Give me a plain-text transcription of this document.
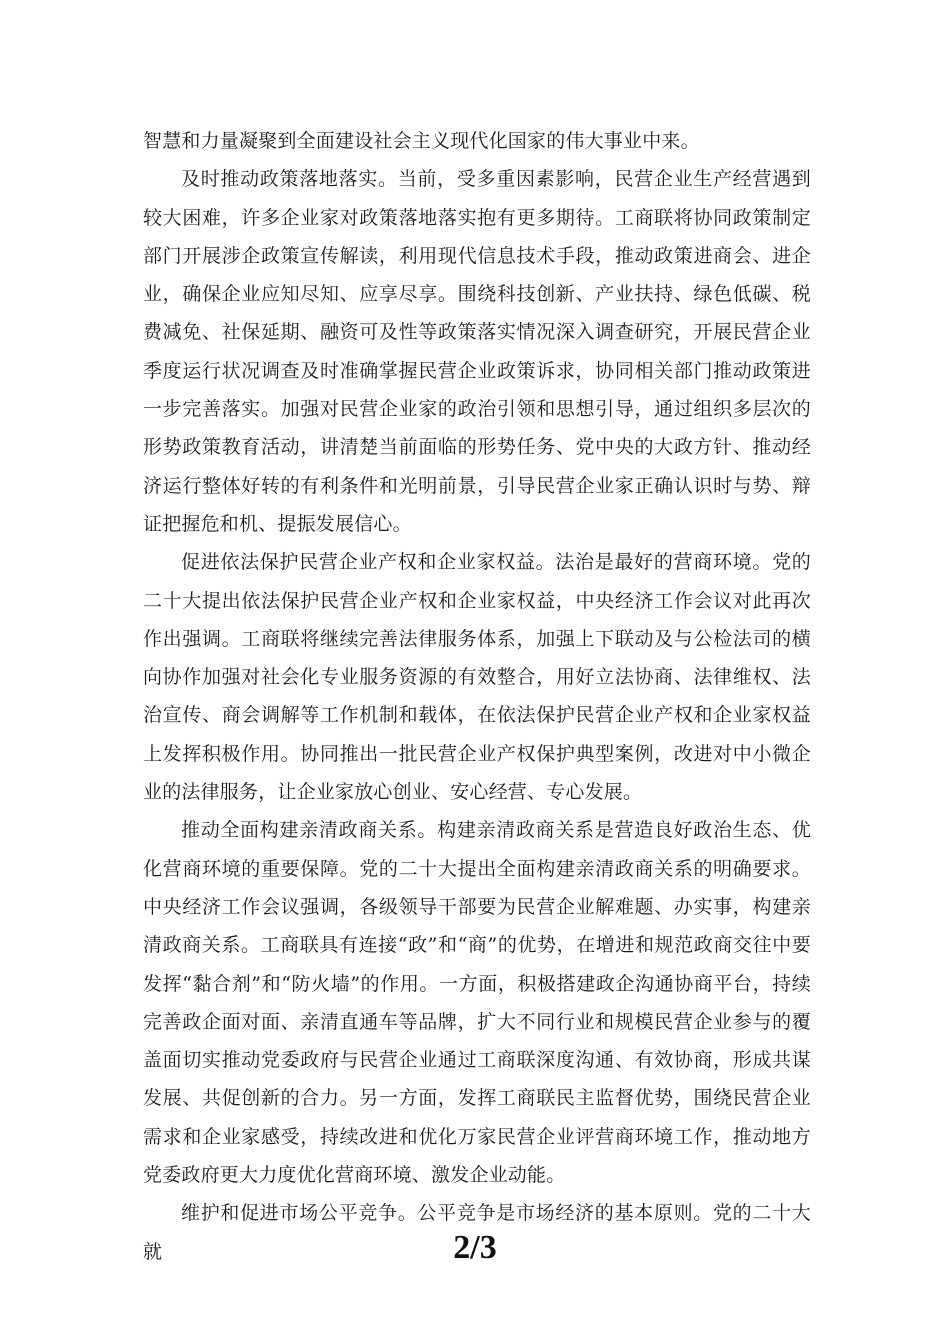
智慧和力量凝聚到全面建设社会主义现代化国家的伟大事业中来。

及时推动政策落地落实。当前，受多重因素影响，民营企业生产经营遇到较大困难，许多企业家对政策落地落实抱有更多期待。工商联将协同政策制定部门开展涉企政策宣传解读，利用现代信息技术手段，推动政策进商会、进企业，确保企业应知尽知、应享尽享。围绕科技创新、产业扶持、绿色低碳、税费减免、社保延期、融资可及性等政策落实情况深入调查研究，开展民营企业季度运行状况调查及时准确掌握民营企业政策诉求，协同相关部门推动政策进一步完善落实。加强对民营企业家的政治引领和思想引导，通过组织多层次的形势政策教育活动，讲清楚当前面临的形势任务、党中央的大政方针、推动经济运行整体好转的有利条件和光明前景，引导民营企业家正确认识时与势、辩证把握危和机、提振发展信心。

促进依法保护民营企业产权和企业家权益。法治是最好的营商环境。党的二十大提出依法保护民营企业产权和企业家权益，中央经济工作会议对此再次作出强调。工商联将继续完善法律服务体系，加强上下联动及与公检法司的横向协作加强对社会化专业服务资源的有效整合，用好立法协商、法律维权、法治宣传、商会调解等工作机制和载体，在依法保护民营企业产权和企业家权益上发挥积极作用。协同推出一批民营企业产权保护典型案例，改进对中小微企业的法律服务，让企业家放心创业、安心经营、专心发展。

推动全面构建亲清政商关系。构建亲清政商关系是营造良好政治生态、优化营商环境的重要保障。党的二十大提出全面构建亲清政商关系的明确要求。中央经济工作会议强调，各级领导干部要为民营企业解难题、办实事，构建亲清政商关系。工商联具有连接“政”和“商”的优势，在增进和规范政商交往中要发挥“黏合剂”和“防火墙”的作用。一方面，积极搭建政企沟通协商平台，持续完善政企面对面、亲清直通车等品牌，扩大不同行业和规模民营企业参与的覆盖面切实推动党委政府与民营企业通过工商联深度沟通、有效协商，形成共谋发展、共促创新的合力。另一方面，发挥工商联民主监督优势，围绕民营企业需求和企业家感受，持续改进和优化万家民营企业评营商环境工作，推动地方党委政府更大力度优化营商环境、激发企业动能。

维护和促进市场公平竞争。公平竞争是市场经济的基本原则。党的二十大就	2/3
